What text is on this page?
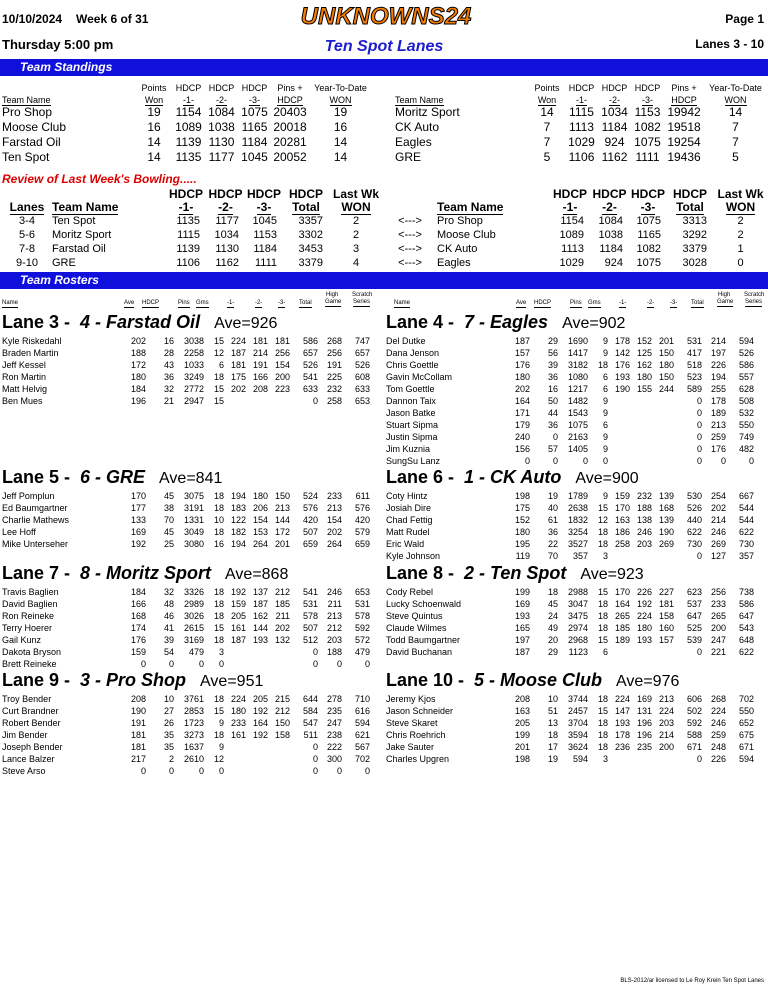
10/10/2024 Week 6 of 31	UNKNOWNS24	Page 1
Thursday 5:00 pm	Ten Spot Lanes	Lanes 3 - 10
Team Standings
	Points	HDCP	HDCP	HDCP	Pins +	Year-To-Date
Team Name	Won	-1-	-2-	-3-	HDCP	WON
Pro Shop	19	1154	1084	1075	20403	19
Moose Club	16	1089	1038	1165	20018	16
Farstad Oil	14	1139	1130	1184	20281	14
Ten Spot	14	1135	1177	1045	20052	14
	Points	HDCP	HDCP	HDCP	Pins +	Year-To-Date
Team Name	Won	-1-	-2-	-3-	HDCP	WON
Moritz Sport	14	1115	1034	1153	19942	14
CK Auto	7	1113	1184	1082	19518	7
Eagles	7	1029	924	1075	19254	7
GRE	5	1106	1162	1111	19436	5
Review of Last Week's Bowling.....
		HDCP	HDCP	HDCP	HDCP	Last Wk			HDCP	HDCP	HDCP	HDCP	Last Wk
Lanes	Team Name	-1-	-2-	-3-	Total	WON		Team Name	-1-	-2-	-3-	Total	WON
3-4	Ten Spot	1135	1177	1045	3357	2	<--->	Pro Shop	1154	1084	1075	3313	2
5-6	Moritz Sport	1115	1034	1153	3302	2	<--->	Moose Club	1089	1038	1165	3292	2
7-8	Farstad Oil	1139	1130	1184	3453	3	<--->	CK Auto	1113	1184	1082	3379	1
9-10	GRE	1106	1162	1111	3379	4	<--->	Eagles	1029	924	1075	3028	0
Team Rosters
Name	Ave HDCP	Pins Gms	-1-	-2-	-3- Total
High
Game
Scratch
Series	Name	Ave HDCP	Pins Gms	-1-	-2-	-3- Total
High
Game
Scratch
Series
Lane 3 - 4 - Farstad Oil Ave=926
Kyle Riskedahl	202	16	3038	15	224	181	181	586	268	747
Braden Martin	188	28	2258	12	187	214	256	657	256	657
Jeff Kessel	172	43	1033	6	181	191	154	526	191	526
Ron Martin	180	36	3249	18	175	166	200	541	225	608
Matt Helvig	184	32	2772	15	202	208	223	633	232	633
Ben Mues	196	21	2947	15				0	258	653
Lane 4 - 7 - Eagles Ave=902
Del Dutke	187	29	1690	9	178	152	201	531	214	594
Dana Jenson	157	56	1417	9	142	125	150	417	197	526
Chris Goettle	176	39	3182	18	176	162	180	518	226	586
Gavin McCollam	180	36	1080	6	193	180	150	523	194	557
Tom Goettle	202	16	1217	6	190	155	244	589	255	628
Dannon Taix	164	50	1482	9				0	178	508
Jason Batke	171	44	1543	9				0	189	532
Stuart Sipma	179	36	1075	6				0	213	550
Justin Sipma	240	0	2163	9				0	259	749
Jim Kuznia	156	57	1405	9				0	176	482
SungSu Lanz	0	0	0	0				0	0	0
Lane 5 - 6 - GRE Ave=841
Jeff Pomplun	170	45	3075	18	194	180	150	524	233	611
Ed Baumgartner	177	38	3191	18	183	206	213	576	213	576
Charlie Mathews	133	70	1331	10	122	154	144	420	154	420
Lee Hoff	169	45	3049	18	182	153	172	507	202	579
Mike Unterseher	192	25	3080	16	194	264	201	659	264	659
Lane 6 - 1 - CK Auto Ave=900
Coty Hintz	198	19	1789	9	159	232	139	530	254	667
Josiah Dire	175	40	2638	15	170	188	168	526	202	544
Chad Fettig	152	61	1832	12	163	138	139	440	214	544
Matt Rudel	180	36	3254	18	186	246	190	622	246	622
Eric Wald	195	22	3527	18	258	203	269	730	269	730
Kyle Johnson	119	70	357	3				0	127	357
Lane 7 - 8 - Moritz Sport Ave=868
Travis Baglien	184	32	3326	18	192	137	212	541	246	653
David Baglien	166	48	2989	18	159	187	185	531	211	531
Ron Reineke	168	46	3026	18	205	162	211	578	213	578
Terry Hoerer	174	41	2615	15	161	144	202	507	212	592
Gail Kunz	176	39	3169	18	187	193	132	512	203	572
Dakota Bryson	159	54	479	3				0	188	479
Brett Reineke	0	0	0	0				0	0	0
Lane 8 - 2 - Ten Spot Ave=923
Cody Rebel	199	18	2988	15	170	226	227	623	256	738
Lucky Schoenwald	169	45	3047	18	164	192	181	537	233	586
Steve Quintus	193	24	3475	18	265	224	158	647	265	647
Claude Wilmes	165	49	2974	18	185	180	160	525	200	543
Todd Baumgartner	197	20	2968	15	189	193	157	539	247	648
David Buchanan	187	29	1123	6				0	221	622
Lane 9 - 3 - Pro Shop Ave=951
Troy Bender	208	10	3761	18	224	205	215	644	278	710
Curt Brandner	190	27	2853	15	180	192	212	584	235	616
Robert Bender	191	26	1723	9	233	164	150	547	247	594
Jim Bender	181	35	3273	18	161	192	158	511	238	621
Joseph Bender	181	35	1637	9				0	222	567
Lance Balzer	217	2	2610	12				0	300	702
Steve Arso	0	0	0	0				0	0	0
Lane 10 - 5 - Moose Club Ave=976
Jeremy Kjos	208	10	3744	18	224	169	213	606	268	702
Jason Schneider	163	51	2457	15	147	131	224	502	224	550
Steve Skaret	205	13	3704	18	193	196	203	592	246	652
Chris Roehrich	199	18	3594	18	178	196	214	588	259	675
Jake Sauter	201	17	3624	18	236	235	200	671	248	671
Charles Upgren	198	19	594	3				0	226	594
BLS-2012/ar licensed to Le Roy Krein Ten Spot Lanes
